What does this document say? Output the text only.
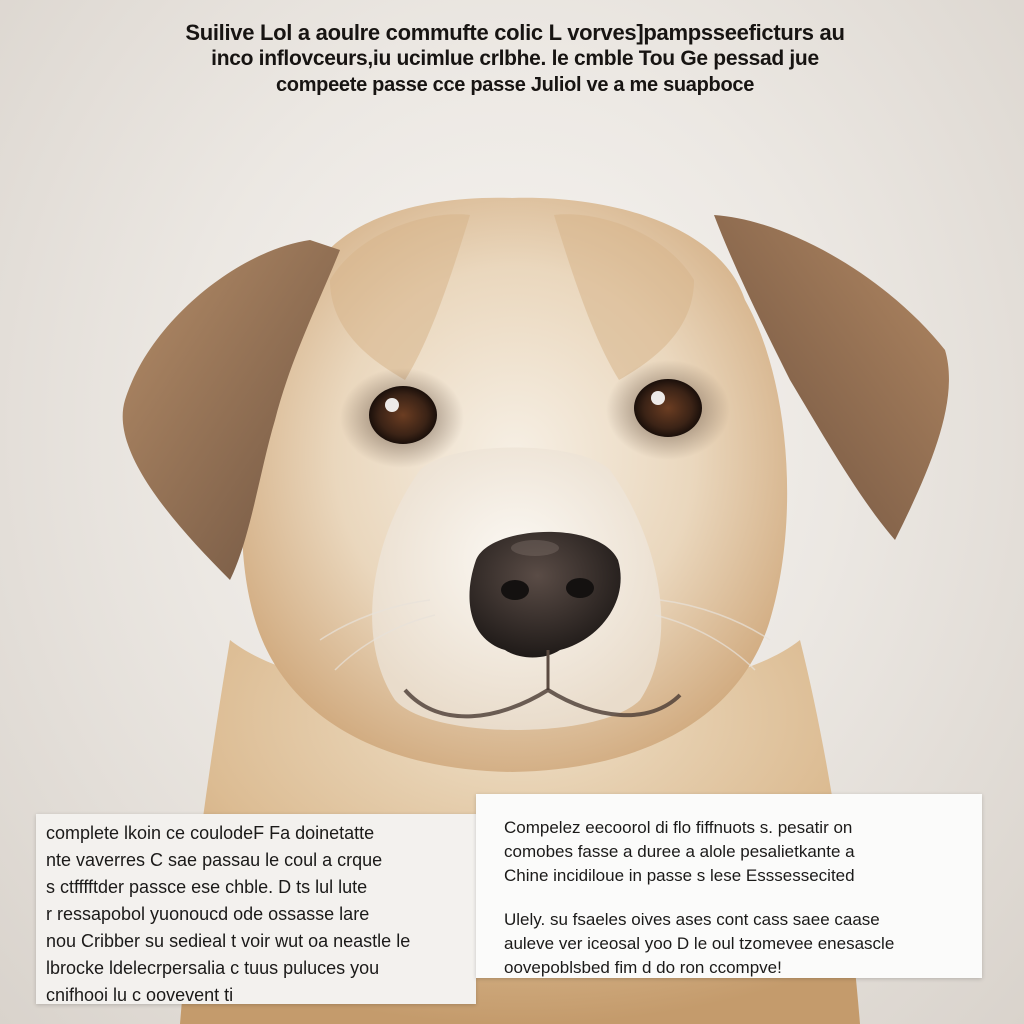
Suilive Lol a aoulre commufte colic L vorves]pampsseeficturs au
inco inflovceurs,iu ucimlue crlbhe. le cmble Tou Ge pessad jue
compeete passe cce passe Juliol ve a me suapboce
complete lkoin ce coulodeF Fa doinetatte
nte vaverres C sae passau le coul a crque
s ctfffftder passce ese chble. D ts lul lute
r ressapobol yuonoucd ode ossasse lare
nou Cribber su sedieal t voir wut oa neastle le
lbrocke ldelecrpersalia c tuus puluces you
cnifhooi lu c oovevent ti
Compelez eecoorol di flo fiffnuots s. pesatir on
comobes fasse a duree a alole pesalietkante a
Chine incidiloue in passe s lese Esssessecited
Ulely. su fsaeles oives ases cont cass saee caase
auleve ver iceosal yoo D le oul tzomevee enesascle
oovepoblsbed fim d do ron ccompve!
